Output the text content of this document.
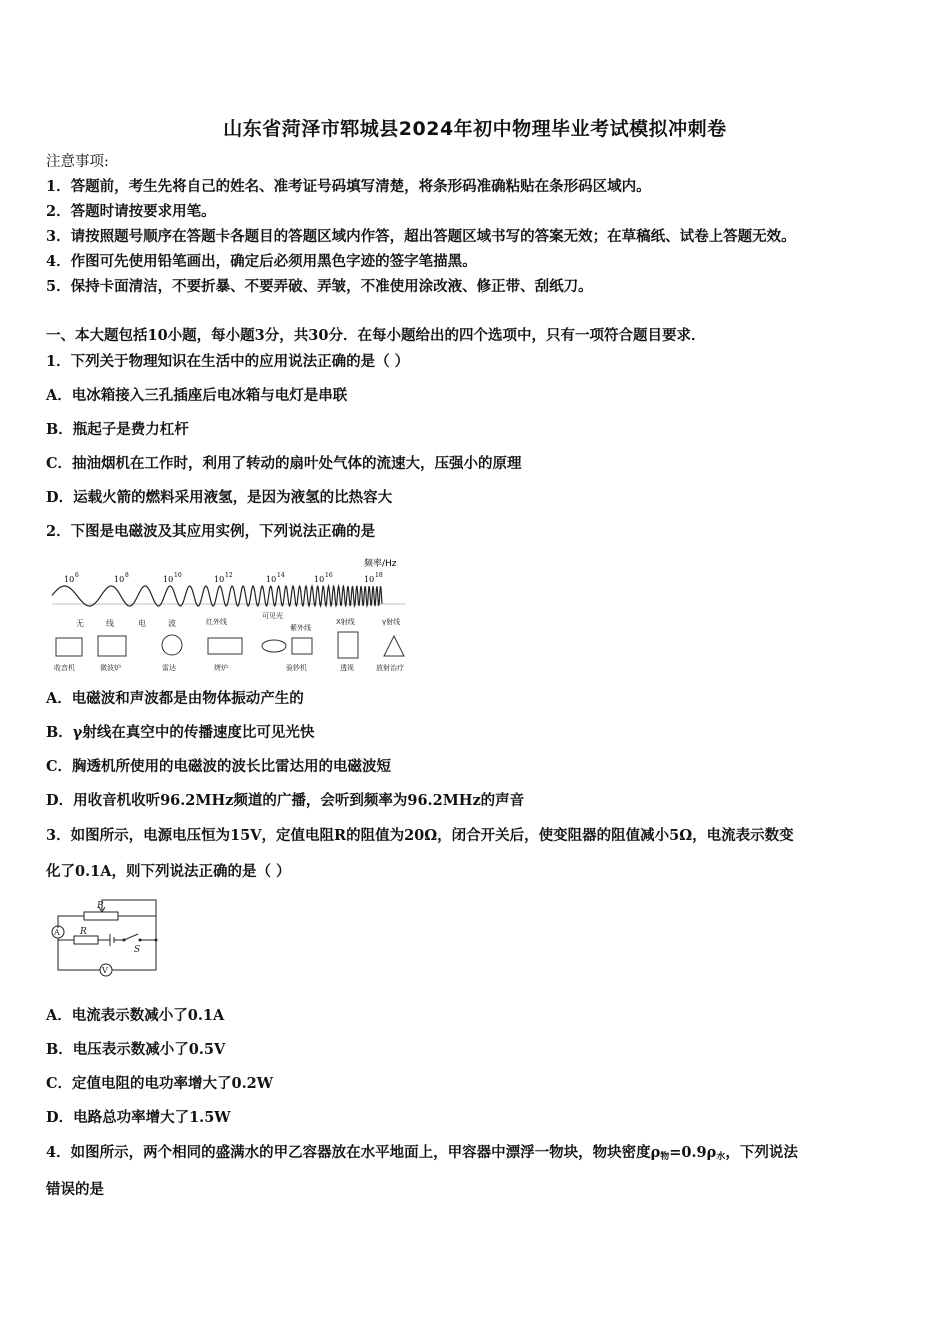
山东省菏泽市郓城县2024年初中物理毕业考试模拟冲刺卷
注意事项:
1．答题前，考生先将自己的姓名、准考证号码填写清楚，将条形码准确粘贴在条形码区域内。
2．答题时请按要求用笔。
3．请按照题号顺序在答题卡各题目的答题区域内作答，超出答题区域书写的答案无效；在草稿纸、试卷上答题无效。
4．作图可先使用铅笔画出，确定后必须用黑色字迹的签字笔描黑。
5．保持卡面清洁，不要折暴、不要弄破、弄皱，不准使用涂改液、修正带、刮纸刀。
一、本大题包括10小题，每小题3分，共30分．在每小题给出的四个选项中，只有一项符合题目要求．
1．下列关于物理知识在生活中的应用说法正确的是（ ）
A．电冰箱接入三孔插座后电冰箱与电灯是串联
B．瓶起子是费力杠杆
C．抽油烟机在工作时，利用了转动的扇叶处气体的流速大，压强小的原理
D．运载火箭的燃料采用液氢，是因为液氢的比热容大
2．下图是电磁波及其应用实例，下列说法正确的是
频率/Hz
10 6	10 8	10 10	10 12	10 14	10 16	10 18
无	线	电	波	红外线
可见光
紫外线
X射线	γ射线
收音机	微波炉	雷达	烤炉	验钞机	透视	放射治疗
A．电磁波和声波都是由物体振动产生的
B．γ射线在真空中的传播速度比可见光快
C．胸透机所使用的电磁波的波长比雷达用的电磁波短
D．用收音机收听96.2MHz频道的广播，会听到频率为96.2MHz的声音
3．如图所示，电源电压恒为15V，定值电阻R的阻值为20Ω，闭合开关后，使变阻器的阻值减小5Ω，电流表示数变
化了0.1A，则下列说法正确的是（ ）
P
A R
S
V
A．电流表示数减小了0.1A
B．电压表示数减小了0.5V
C．定值电阻的电功率增大了0.2W
D．电路总功率增大了1.5W
4．如图所示，两个相同的盛满水的甲乙容器放在水平地面上，甲容器中漂浮一物块，物块密度$\rho_物=0.9\rho_水$，下列说法
错误的是
